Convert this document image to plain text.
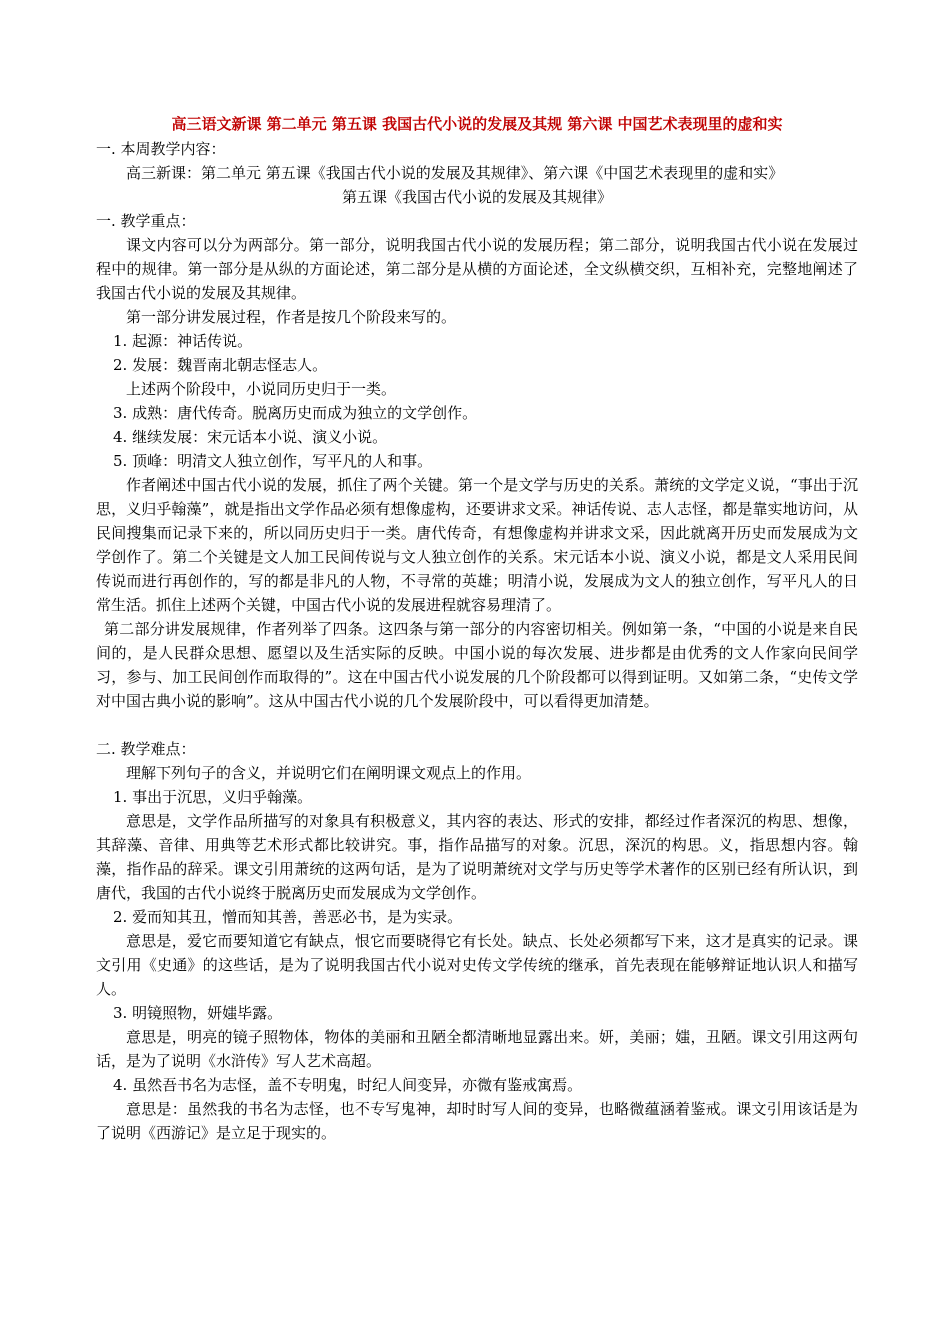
高三语文新课 第二单元 第五课 我国古代小说的发展及其规 第六课 中国艺术表现里的虚和实

一. 本周教学内容：

高三新课：第二单元 第五课《我国古代小说的发展及其规律》、第六课《中国艺术表现里的虚和实》

第五课《我国古代小说的发展及其规律》

一. 教学重点：

课文内容可以分为两部分。第一部分，说明我国古代小说的发展历程；第二部分，说明我国古代小说在发展过程中的规律。第一部分是从纵的方面论述，第二部分是从横的方面论述，全文纵横交织，互相补充，完整地阐述了我国古代小说的发展及其规律。

第一部分讲发展过程，作者是按几个阶段来写的。

1. 起源：神话传说。

2. 发展：魏晋南北朝志怪志人。

上述两个阶段中，小说同历史归于一类。

3. 成熟：唐代传奇。脱离历史而成为独立的文学创作。

4. 继续发展：宋元话本小说、演义小说。

5. 顶峰：明清文人独立创作，写平凡的人和事。

作者阐述中国古代小说的发展，抓住了两个关键。第一个是文学与历史的关系。萧统的文学定义说，“事出于沉思，义归乎翰藻”，就是指出文学作品必须有想像虚构，还要讲求文采。神话传说、志人志怪，都是靠实地访问，从民间搜集而记录下来的，所以同历史归于一类。唐代传奇，有想像虚构并讲求文采，因此就离开历史而发展成为文学创作了。第二个关键是文人加工民间传说与文人独立创作的关系。宋元话本小说、演义小说，都是文人采用民间传说而进行再创作的，写的都是非凡的人物，不寻常的英雄；明清小说，发展成为文人的独立创作，写平凡人的日常生活。抓住上述两个关键，中国古代小说的发展进程就容易理清了。

第二部分讲发展规律，作者列举了四条。这四条与第一部分的内容密切相关。例如第一条，“中国的小说是来自民间的，是人民群众思想、愿望以及生活实际的反映。中国小说的每次发展、进步都是由优秀的文人作家向民间学习，参与、加工民间创作而取得的”。这在中国古代小说发展的几个阶段都可以得到证明。又如第二条，“史传文学对中国古典小说的影响”。这从中国古代小说的几个发展阶段中，可以看得更加清楚。

二. 教学难点：

理解下列句子的含义，并说明它们在阐明课文观点上的作用。

1. 事出于沉思，义归乎翰藻。

意思是，文学作品所描写的对象具有积极意义，其内容的表达、形式的安排，都经过作者深沉的构思、想像，其辞藻、音律、用典等艺术形式都比较讲究。事，指作品描写的对象。沉思，深沉的构思。义，指思想内容。翰藻，指作品的辞采。课文引用萧统的这两句话，是为了说明萧统对文学与历史等学术著作的区别已经有所认识，到唐代，我国的古代小说终于脱离历史而发展成为文学创作。

2. 爱而知其丑，憎而知其善，善恶必书，是为实录。

意思是，爱它而要知道它有缺点，恨它而要晓得它有长处。缺点、长处必须都写下来，这才是真实的记录。课文引用《史通》的这些话，是为了说明我国古代小说对史传文学传统的继承，首先表现在能够辩证地认识人和描写人。

3. 明镜照物，妍媸毕露。

意思是，明亮的镜子照物体，物体的美丽和丑陋全都清晰地显露出来。妍，美丽；媸，丑陋。课文引用这两句话，是为了说明《水浒传》写人艺术高超。

4. 虽然吾书名为志怪，盖不专明鬼，时纪人间变异，亦微有鉴戒寓焉。

意思是：虽然我的书名为志怪，也不专写鬼神，却时时写人间的变异，也略微蕴涵着鉴戒。课文引用该话是为了说明《西游记》是立足于现实的。
